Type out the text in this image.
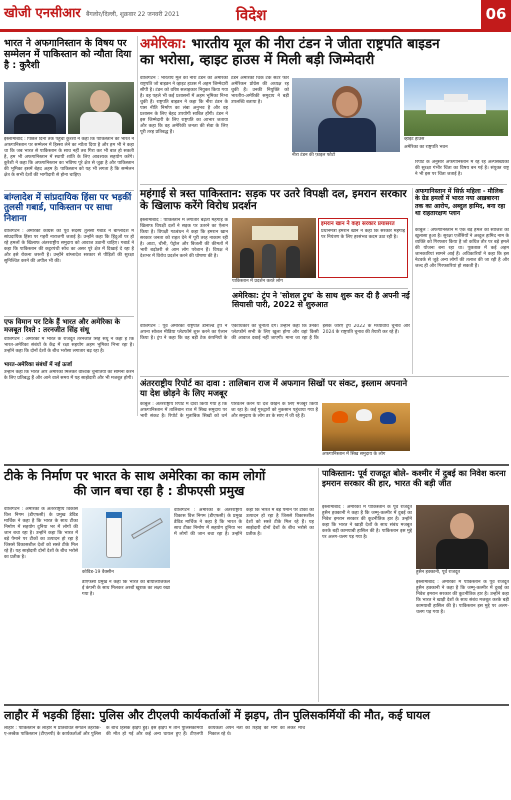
खोजी एनसीआर बैंगलोर/दिल्ली, शुक्रवार 22 जनवरी 2021	विदेश	06
भारत ने अफगानिस्तान के विषय पर सम्मेलन में पाकिस्तान को न्यौता दिया है : कुरैशी
इस्लामाबाद : पिछले दिनों तक पहुंचा कुरैशी ने कहा कि पाकिस्तान को भारत ने अफगानिस्तान पर सम्मेलन में हिस्सा लेने का न्यौता दिया है और हम भी ने कहा था कि जब भारत से पाकिस्तान के साथ नहीं तब गिरा कर भी बात हो सकती है, हम भी अफगानिस्तान में स्थायी शांति के लिए आवश्यक सहयोग करेंगे। कुरैशी ने कहा कि अफगानिस्तान का भविष्य पूरे क्षेत्र से जुड़ा है और पाकिस्तान की भूमिका इसमें बेहद अहम है। पाकिस्तान को यह भी लगता है कि सम्मेलन क्षेत्र के सभी देशों की भागीदारी से होना चाहिए।
बांग्लादेश में सांप्रदायिक हिंसा पर भड़कीं तुलसी गबार्ड, पाकिस्तान पर साधा निशाना
वॉशिंगटन : अमेरिकी कांग्रेस की पूर्व सदस्य तुलसी गबार्ड ने बांग्लादेश में सांप्रदायिक हिंसा पर गहरी नाराजगी जताई है। उन्होंने कहा कि हिंदुओं पर हो रहे हमलों के खिलाफ अंतरराष्ट्रीय समुदाय को आवाज उठानी चाहिए। गबार्ड ने कहा कि पाकिस्तान की कट्टरपंथी सोच का असर पूरे क्षेत्र में दिखाई दे रहा है और इसे रोकना जरूरी है। उन्होंने बांग्लादेश सरकार से पीड़ितों की सुरक्षा सुनिश्चित करने की अपील भी की।
एफ विमान पर टिके हैं भारत और अमेरिका के मजबूत रिश्ते : तरनजीत सिंह संधू
वॉशिंगटन : अमेरिका में भारत के राजदूत तरनजीत सिंह संधू ने कहा है कि भारत-अमेरिका संबंधों के केंद्र में रक्षा सहयोग अहम भूमिका निभा रहा है। उन्होंने कहा कि दोनों देशों के बीच भरोसा लगातार बढ़ रहा है।
भारत-अमेरिका संबंधों में नई ऊर्जा
उन्होंने कहा कि भारत और अमेरिका मिलकर वैश्विक चुनौतियों का सामना करने के लिए प्रतिबद्ध हैं और आने वाले समय में यह साझेदारी और भी मजबूत होगी।
अमेरिका: भारतीय मूल की नीरा टंडन ने जीता राष्ट्रपति बाइडन
का भरोसा, व्हाइट हाउस में मिली बड़ी जिम्मेदारी
वाशिंगटन : भारतीय मूल की नीरा टंडन को अमेरिकी राष्ट्रपति जो बाइडन ने व्हाइट हाउस में अहम जिम्मेदारी सौंपी है। टंडन को वरिष्ठ सलाहकार नियुक्त किया गया है। वह पहले भी कई प्रशासनों में अहम भूमिका निभा चुकी हैं। राष्ट्रपति बाइडन ने कहा कि नीरा टंडन के पास नीति निर्माण का लंबा अनुभव है और वह प्रशासन के लिए बेहद उपयोगी साबित होंगी। टंडन ने इस जिम्मेदारी के लिए राष्ट्रपति का आभार जताया और कहा कि वह अमेरिकी जनता की सेवा के लिए पूरी तरह प्रतिबद्ध हैं।
टंडन अमेरिकी थिंक टैंक सेंटर फॉर अमेरिकन प्रोग्रेस की अध्यक्ष रह चुकी हैं। उनकी नियुक्ति को भारतीय-अमेरिकी समुदाय ने बड़ी उपलब्धि बताया है।
नीरा टंडन की फ़ाइल फोटो
व्हाइट हाउस
अमेरिका का राष्ट्रपति भवन
महंगाई से त्रस्त पाकिस्तान: सड़क पर उतरे विपक्षी दल, इमरान सरकार के खिलाफ करेंगे विरोध प्रदर्शन
इस्लामाबाद : पाकिस्तान में लगातार बढ़ती महंगाई के खिलाफ विपक्षी दलों ने सड़क पर उतरने का ऐलान किया है। विपक्षी गठबंधन ने कहा कि इमरान खान सरकार जनता को राहत देने में पूरी तरह नाकाम रही है। आटा, चीनी, पेट्रोल और बिजली की कीमतों में भारी बढ़ोतरी से आम लोग परेशान हैं। विपक्ष ने देशभर में विरोध प्रदर्शन करने की घोषणा की है।
पाकिस्तान में प्रदर्शन करते लोग
इमरान खान ने कहा सरकार प्रयासरत
प्रधानमंत्री इमरान खान ने कहा कि सरकार महंगाई पर नियंत्रण के लिए हरसंभव कदम उठा रही है।
अमेरिका: ट्रंप ने 'सोशल ट्रुथ' के साथ शुरू कर दी है अपनी नई सियासी पारी, 2022 से शुरुआत
वाशिंगटन : पूर्व अमेरिकी राष्ट्रपति डोनाल्ड ट्रंप ने अपना सोशल मीडिया प्लेटफॉर्म शुरू करने का ऐलान किया है। ट्रंप ने कहा कि वह बड़ी टेक कंपनियों के एकाधिकार को चुनौती देंगे। उन्होंने कहा कि उनका प्लेटफॉर्म सभी के लिए खुला होगा और वहां किसी की आवाज दबाई नहीं जाएगी। माना जा रहा है कि इसके जरिए ट्रंप 2022 के मध्यावधि चुनाव और 2024 के राष्ट्रपति चुनाव की तैयारी कर रहे हैं।
रिपोर्ट के अनुसार अफगानिस्तान में रह रहे अल्पसंख्यकों की सुरक्षा गंभीर चिंता का विषय बन गई है। संयुक्त राष्ट्र ने भी इस पर चिंता जताई है।
अफगानिस्तान में सिर्फ़ महिला - मौलिक के ग्रेड हमलों में भारत नया अख़बारना तक का आरोप, अब्दुल हामिद, बना रहा था राहतारक्षण प्लान
काबुल : अफगानिस्तान में एक बड़े हमले की साजिश का खुलासा हुआ है। सुरक्षा एजेंसियों ने अब्दुल हामिद नाम के व्यक्ति को गिरफ्तार किया है जो कथित तौर पर बड़े हमले की योजना बना रहा था। पूछताछ में कई अहम जानकारियां सामने आई हैं। अधिकारियों ने कहा कि इस नेटवर्क से जुड़े अन्य लोगों की तलाश की जा रही है और जल्द ही और गिरफ्तारियां हो सकती हैं।
अंतरराष्ट्रीय रिपोर्ट का दावा : तालिबान राज में अफगान सिखों पर संकट, इस्लाम अपनाने या देश छोड़ने के लिए मजबूर
काबुल : अंतरराष्ट्रीय रिपोर्ट में दावा किया गया है कि अफगानिस्तान में तालिबान राज में सिख समुदाय पर भारी संकट है। रिपोर्ट के मुताबिक सिखों को धर्म परिवर्तन करने या देश छोड़ने के लिए मजबूर किया जा रहा है। कई गुरुद्वारों को नुकसान पहुंचाया गया है और समुदाय के लोग डर के साए में जी रहे हैं।
अफगानिस्तान में सिख समुदाय के लोग
टीके के निर्माण पर भारत के साथ अमेरिका का काम लोगों
की जान बचा रहा है : डीफएसी प्रमुख
वाशिंगटन : अमेरिका के अंतरराष्ट्रीय विकास वित्त निगम (डीएफसी) के प्रमुख डेविड मार्चिक ने कहा है कि भारत के साथ टीका निर्माण में सहयोग दुनिया भर में लोगों की जान बचा रहा है। उन्होंने कहा कि भारत में बड़े पैमाने पर टीकों का उत्पादन हो रहा है जिससे विकासशील देशों को सस्ते टीके मिल रहे हैं। यह साझेदारी दोनों देशों के बीच भरोसे का प्रतीक है।
कोविड-19 वैक्सीन
डीएफसी प्रमुख ने कहा कि भारत की बायोलॉजिकल ई कंपनी के साथ मिलकर अरबों खुराक का लक्ष्य रखा गया है।
वाशिंगटन : अमेरिका के अंतरराष्ट्रीय विकास वित्त निगम (डीएफसी) के प्रमुख डेविड मार्चिक ने कहा है कि भारत के साथ टीका निर्माण में सहयोग दुनिया भर में लोगों की जान बचा रहा है। उन्होंने कहा कि भारत में बड़े पैमाने पर टीकों का उत्पादन हो रहा है जिससे विकासशील देशों को सस्ते टीके मिल रहे हैं। यह साझेदारी दोनों देशों के बीच भरोसे का प्रतीक है।
पाकिस्तान: पूर्व राजदूत बोले- कश्मीर में दुबई का निवेश करना इमरान सरकार की हार, भारत की बड़ी जीत
इस्लामाबाद : अमेरिका में पाकिस्तान के पूर्व राजदूत हुसैन हक्कानी ने कहा है कि जम्मू-कश्मीर में दुबई का निवेश इमरान सरकार की कूटनीतिक हार है। उन्होंने कहा कि भारत ने खाड़ी देशों के साथ संबंध मजबूत करके बड़ी कामयाबी हासिल की है। पाकिस्तान इस मुद्दे पर अलग-थलग पड़ गया है।
हुसैन हक्कानी, पूर्व राजदूत
इस्लामाबाद : अमेरिका में पाकिस्तान के पूर्व राजदूत हुसैन हक्कानी ने कहा है कि जम्मू-कश्मीर में दुबई का निवेश इमरान सरकार की कूटनीतिक हार है। उन्होंने कहा कि भारत ने खाड़ी देशों के साथ संबंध मजबूत करके बड़ी कामयाबी हासिल की है। पाकिस्तान इस मुद्दे पर अलग-थलग पड़ गया है।
लाहौर में भड़की हिंसा: पुलिस और टीएलपी कार्यकर्ताओं में झड़प, तीन पुलिसकर्मियों की मौत, कई घायल
लाहौर : पाकिस्तान के लाहौर में प्रतिबंधित संगठन तहरीक-ए-लब्बैक पाकिस्तान (टीएलपी) के कार्यकर्ताओं और पुलिस के बीच हिंसक झड़प हुई। इस झड़प में तीन पुलिसकर्मियों की मौत हो गई और कई अन्य घायल हुए हैं। टीएलपी कार्यकर्ता अपने नेता की रिहाई की मांग को लेकर मार्च निकाल रहे थे।
